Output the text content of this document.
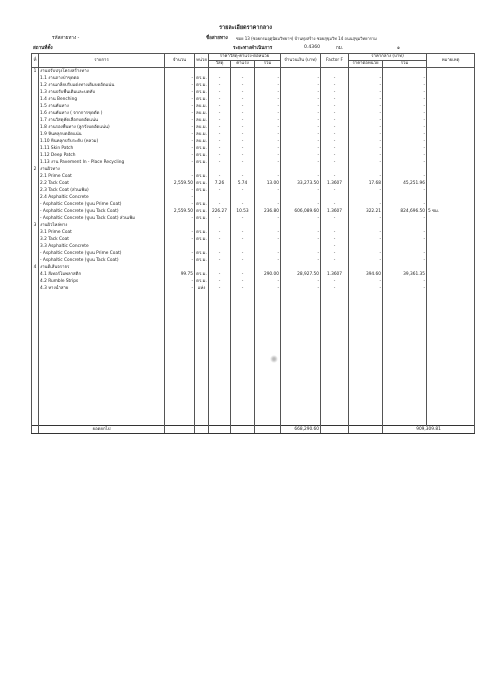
รายละเอียดราคากลาง
รหัสสายทาง -	ชื่อสายทาง ซอย 13 (ซอยกรมอุตุนิยมวิทยาฯ) บ้านทุ่งสร้าง ซอยสุขุมวิท 14 ถนนสุขุมวิทยาราม
สถานที่ตั้ง	ระยะทางดำเนินการ	0.4360	กม.	๑
ที่	รายการ	จำนวน	หน่วย	ราคาวัสดุ-ค่าแรง-ต่อหน่วย			จำนวนเงิน (บาท)	Factor F	ราคากลาง (บาท)		หมายเหตุ
				วัสดุ	ค่าแรง	รวม			ราคาต่อหน่วย	รวม	
1	งานปรับปรุงโครงสร้างทาง										
	1.1 งานถางป่าขุดตอ	-	ตร.ม.	-	-	-	-	-	-	-	
	1.2 งานเกลี่ยปรับแต่งทางเดิมบดอัดแน่น	-	ตร.ม.	-	-	-	-	-	-	-	
	1.3 งานปรับพื้นเดิมและบดทับ	-	ตร.ม.	-	-	-	-	-	-	-	
	1.4 งาน Benching	-	ตร.ม.	-	-	-	-	-	-	-	
	1.5 งานคันทาง	-	ลบ.ม.	-	-	-	-	-	-	-	
	1.6 งานคันทาง ( จากการขุดตัด )	-	ลบ.ม.	-	-	-	-	-	-	-	
	1.7 งานวัสดุคัดเลือกบดอัดแน่น	-	ลบ.ม.	-	-	-	-	-	-	-	
	1.8 งานรองพื้นทาง (ลูกรังบดอัดแน่น)	-	ลบ.ม.	-	-	-	-	-	-	-	
	1.9 หินคลุกบดอัดแน่น	-	ลบ.ม.	-	-	-	-	-	-	-	
	1.10 หินคลุกปรับระดับ (หลวม)	-	ลบ.ม.	-	-	-	-	-	-	-	
	1.11 Skin Patch	-	ตร.ม.	-	-	-	-	-	-	-	
	1.12 Deep Patch	-	ตร.ม.	-	-	-	-	-	-	-	
	1.13 งาน Pavement In - Place Recycling	-	ตร.ม.	-	-	-	-	-	-	-	
2	งานผิวทาง										
	2.1 Prime Coat	-	ตร.ม.	-	-	-	-	-	-	-	
	2.2 Tack Coat	2,559.50	ตร.ม.	7.26	5.74	13.00	33,273.50	1.3607	17.68	45,251.96	
	2.3 Tack Coat (ส่วนเพิ่ม)	-	ตร.ม.	-	-	-	-	-	-	-	
	2.4 Asphaltic Concrete	-									
	- Asphaltic Concrete (ปูบน Prime Coat)	-	ตร.ม.	-	-	-	-	-	-	-	
	- Asphaltic Concrete (ปูบน Tack Coat)	2,559.50	ตร.ม.	226.27	10.53	236.80	606,089.60	1.3607	322.21	824,696.50	5 ซม.
	- Asphaltic Concrete (ปูบน Tack Coat) ส่วนเพิ่ม	-	ตร.ม.	-	-	-	-	-	-	-	
3	งานผิวไหล่ทาง										
	3.1 Prime Coat	-	ตร.ม.	-	-	-	-	-	-	-	
	3.2 Tack Coat	-	ตร.ม.	-	-	-	-	-	-	-	
	3.3 Asphaltic Concrete							-			
	- Asphaltic Concrete (ปูบน Prime Coat)	-	ตร.ม.	-	-	-	-	-	-	-	
	- Asphaltic Concrete (ปูบน Tack Coat)	-	ตร.ม.	-	-	-	-	-	-	-	
4	งานตีเส้นจราจร										
	4.1 สีเทอร์โมพลาสติก	99.75	ตร.ม.	-	-	290.00	28,927.50	1.3607	394.60	39,361.35	
	4.2 Rumble Strips	-	ตร.ม.	-	-	-	-	-	-	-	
	4.3 หางน้ำสาย	-	แห่ง	-	-	-	-	-	-	-	

	ยอดยกไป						668,290.60			909,309.81	
